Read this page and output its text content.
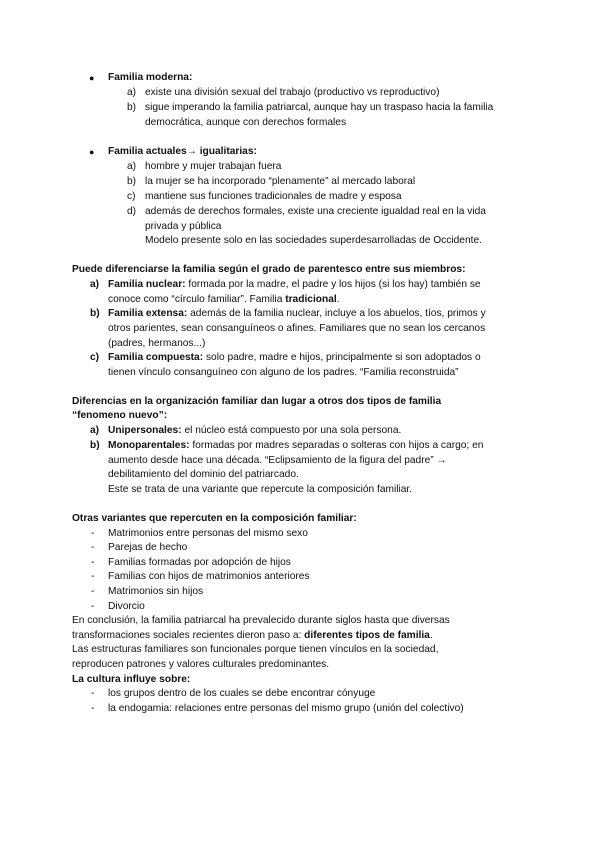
● Familia moderna:
a) existe una división sexual del trabajo (productivo vs reproductivo)
b) sigue imperando la familia patriarcal, aunque hay un traspaso hacia la familia
democrática, aunque con derechos formales
● Familia actuales→ igualitarias:
a) hombre y mujer trabajan fuera
b) la mujer se ha incorporado “plenamente” al mercado laboral
c) mantiene sus funciones tradicionales de madre y esposa
d) además de derechos formales, existe una creciente igualdad real en la vida
privada y pública
Modelo presente solo en las sociedades superdesarrolladas de Occidente.
Puede diferenciarse la familia según el grado de parentesco entre sus miembros:
a) Familia nuclear: formada por la madre, el padre y los hijos (si los hay) también se
conoce como “círculo familiar”. Familia tradicional.
b) Familia extensa: además de la familia nuclear, incluye a los abuelos, tíos, primos y
otros parientes, sean consanguíneos o afines. Familiares que no sean los cercanos
(padres, hermanos...)
c) Familia compuesta: solo padre, madre e hijos, principalmente si son adoptados o
tienen vínculo consanguíneo con alguno de los padres. “Familia reconstruida”
Diferencias en la organización familiar dan lugar a otros dos tipos de familia
“fenomeno nuevo”:
a) Unipersonales: el núcleo está compuesto por una sola persona.
b) Monoparentales: formadas por madres separadas o solteras con hijos a cargo; en
aumento desde hace una década. “Eclipsamiento de la figura del padre” →
debilitamiento del dominio del patriarcado.
Este se trata de una variante que repercute la composición familiar.
Otras variantes que repercuten en la composición familiar:
- Matrimonios entre personas del mismo sexo
- Parejas de hecho
- Familias formadas por adopción de hijos
- Familias con hijos de matrimonios anteriores
- Matrimonios sin hijos
- Divorcio
En conclusión, la familia patriarcal ha prevalecido durante siglos hasta que diversas
transformaciones sociales recientes dieron paso a: diferentes tipos de familia.
Las estructuras familiares son funcionales porque tienen vínculos en la sociedad,
reproducen patrones y valores culturales predominantes.
La cultura influye sobre:
- los grupos dentro de los cuales se debe encontrar cónyuge
- la endogamia: relaciones entre personas del mismo grupo (unión del colectivo)
